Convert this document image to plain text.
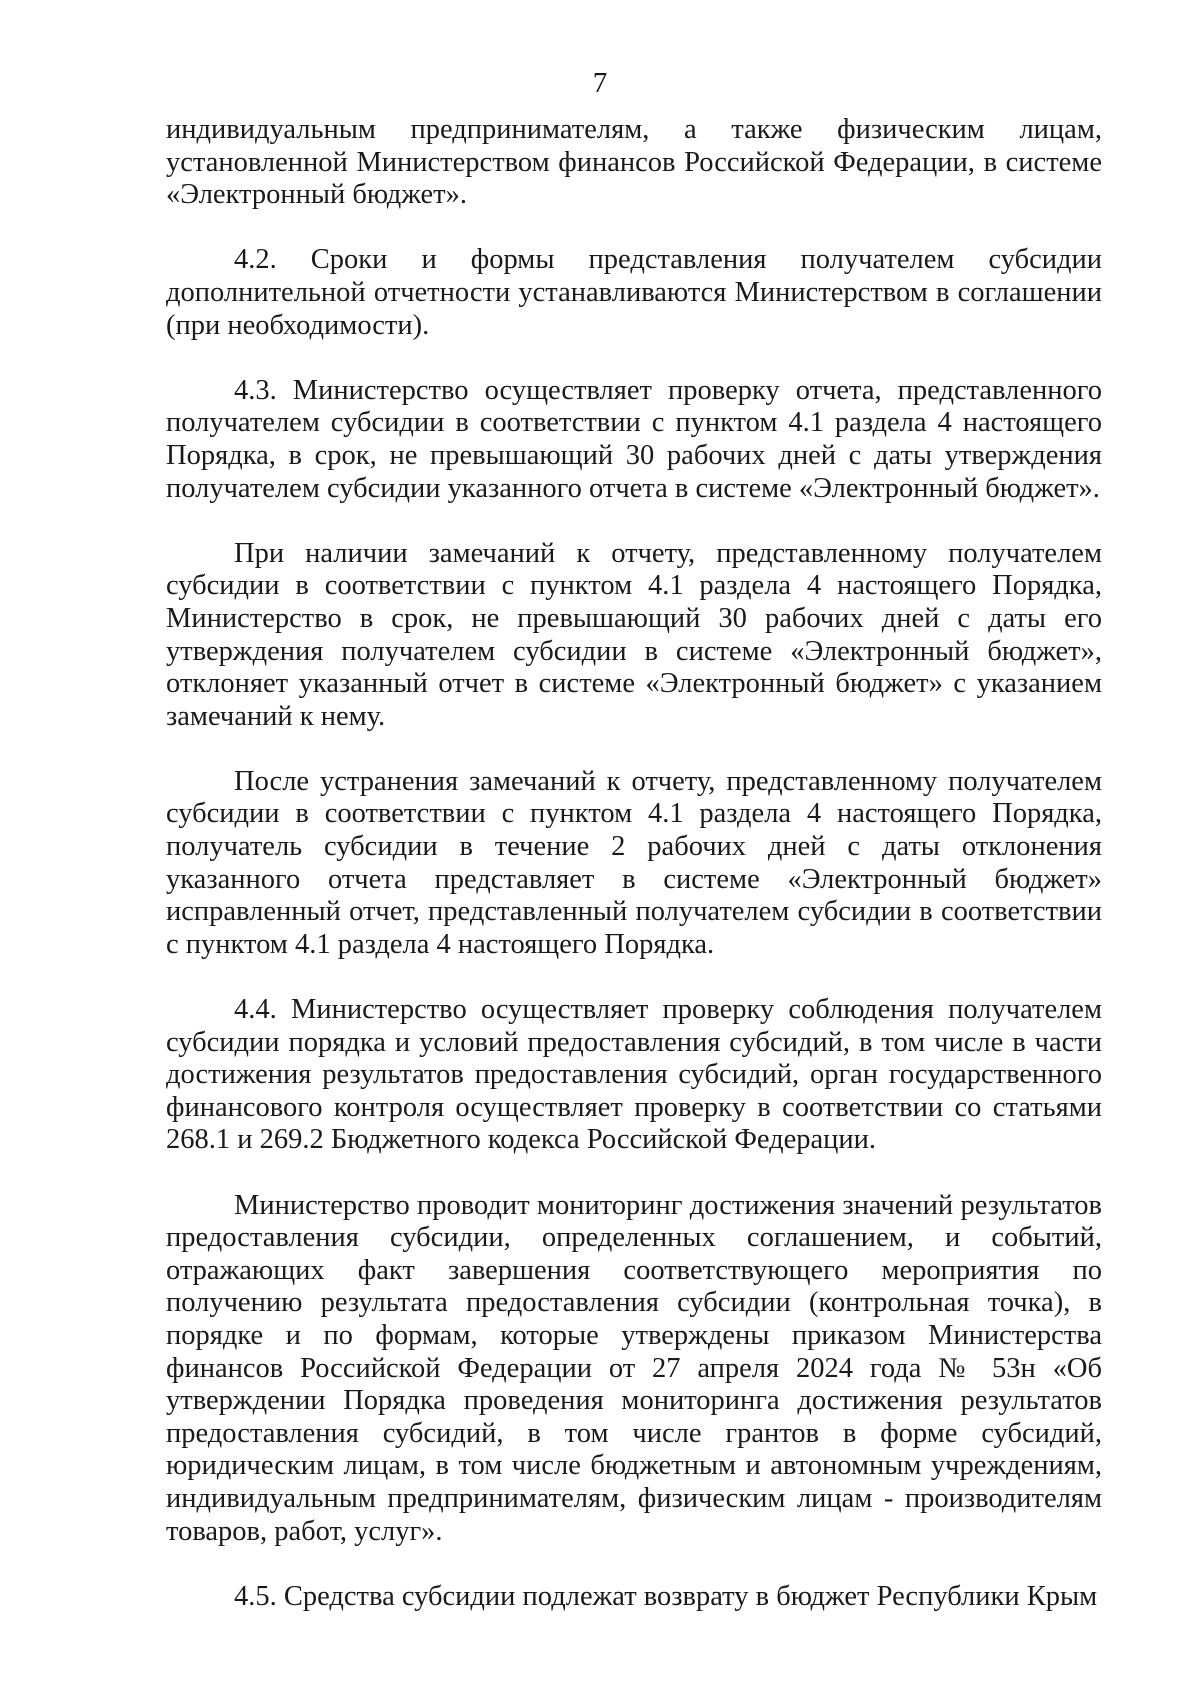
7

индивидуальным предпринимателям, а также физическим лицам, установленной Министерством финансов Российской Федерации, в системе «Электронный бюджет».

4.2. Сроки и формы представления получателем субсидии дополнительной отчетности устанавливаются Министерством в соглашении (при необходимости).

4.3. Министерство осуществляет проверку отчета, представленного получателем субсидии в соответствии с пунктом 4.1 раздела 4 настоящего Порядка, в срок, не превышающий 30 рабочих дней с даты утверждения получателем субсидии указанного отчета в системе «Электронный бюджет».

При наличии замечаний к отчету, представленному получателем субсидии в соответствии с пунктом 4.1 раздела 4 настоящего Порядка, Министерство в срок, не превышающий 30 рабочих дней с даты его утверждения получателем субсидии в системе «Электронный бюджет», отклоняет указанный отчет в системе «Электронный бюджет» с указанием замечаний к нему.

После устранения замечаний к отчету, представленному получателем субсидии в соответствии с пунктом 4.1 раздела 4 настоящего Порядка, получатель субсидии в течение 2 рабочих дней с даты отклонения указанного отчета представляет в системе «Электронный бюджет» исправленный отчет, представленный получателем субсидии в соответствии с пунктом 4.1 раздела 4 настоящего Порядка.

4.4. Министерство осуществляет проверку соблюдения получателем субсидии порядка и условий предоставления субсидий, в том числе в части достижения результатов предоставления субсидий, орган государственного финансового контроля осуществляет проверку в соответствии со статьями 268.1 и 269.2 Бюджетного кодекса Российской Федерации.

Министерство проводит мониторинг достижения значений результатов предоставления субсидии, определенных соглашением, и событий, отражающих факт завершения соответствующего мероприятия по получению результата предоставления субсидии (контрольная точка), в порядке и по формам, которые утверждены приказом Министерства финансов Российской Федерации от 27 апреля 2024 года № 53н «Об утверждении Порядка проведения мониторинга достижения результатов предоставления субсидий, в том числе грантов в форме субсидий, юридическим лицам, в том числе бюджетным и автономным учреждениям, индивидуальным предпринимателям, физическим лицам - производителям товаров, работ, услуг».

4.5. Средства субсидии подлежат возврату в бюджет Республики Крым
